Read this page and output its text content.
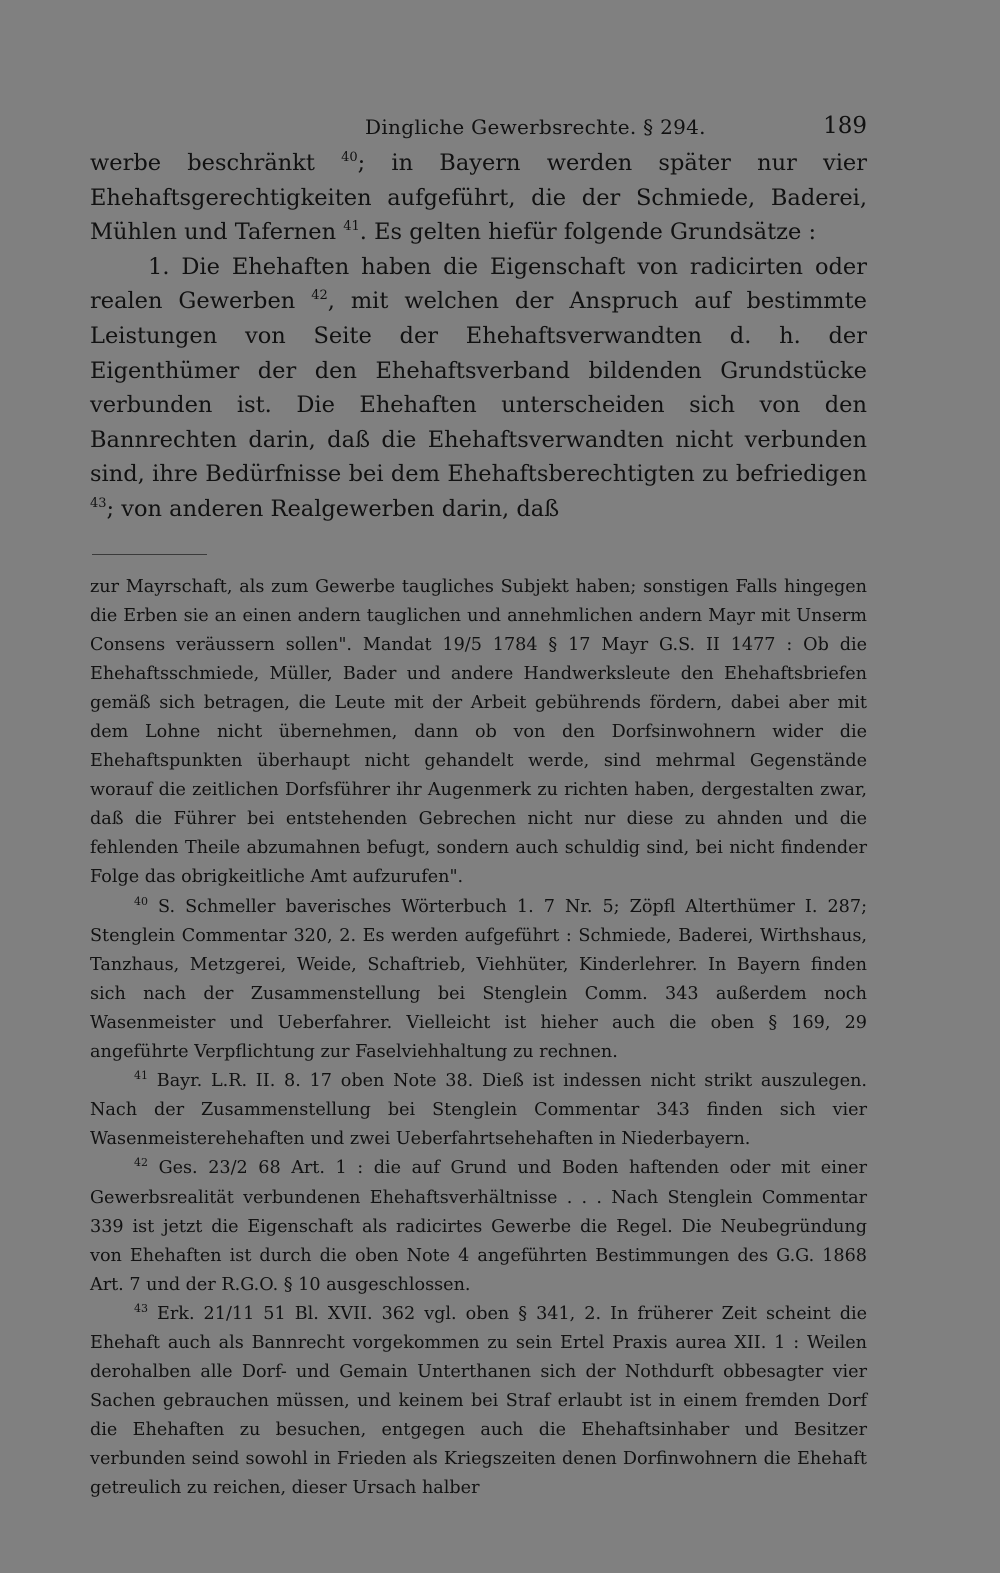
Dingliche Gewerbsrechte. § 294.	189

werbe beschränkt $^{40}$; in Bayern werden später nur vier Ehehaftsgerechtigkeiten aufgeführt, die der Schmiede, Baderei, Mühlen und Tafernen $^{41}$. Es gelten hiefür folgende Grundsätze :

1. Die Ehehaften haben die Eigenschaft von radicirten oder realen Gewerben $^{42}$, mit welchen der Anspruch auf bestimmte Leistungen von Seite der Ehehaftsverwandten d. h. der Eigenthümer der den Ehehaftsverband bildenden Grundstücke verbunden ist. Die Ehehaften unterscheiden sich von den Bannrechten darin, daß die Ehehaftsverwandten nicht verbunden sind, ihre Bedürfnisse bei dem Ehehaftsberechtigten zu befriedigen $^{43}$; von anderen Realgewerben darin, daß

zur Mayrschaft, als zum Gewerbe taugliches Subjekt haben; sonstigen Falls hingegen die Erben sie an einen andern tauglichen und annehmlichen andern Mayr mit Unserm Consens veräussern sollen". Mandat 19/5 1784 § 17 Mayr G.S. II 1477 : Ob die Ehehaftsschmiede, Müller, Bader und andere Handwerksleute den Ehehaftsbriefen gemäß sich betragen, die Leute mit der Arbeit gebührends fördern, dabei aber mit dem Lohne nicht übernehmen, dann ob von den Dorfsinwohnern wider die Ehehaftspunkten überhaupt nicht gehandelt werde, sind mehrmal Gegenstände worauf die zeitlichen Dorfsführer ihr Augenmerk zu richten haben, dergestalten zwar, daß die Führer bei entstehenden Gebrechen nicht nur diese zu ahnden und die fehlenden Theile abzumahnen befugt, sondern auch schuldig sind, bei nicht findender Folge das obrigkeitliche Amt aufzurufen".

$^{40}$ S. Schmeller baverisches Wörterbuch 1. 7 Nr. 5; Zöpfl Alterthümer I. 287; Stenglein Commentar 320, 2. Es werden aufgeführt : Schmiede, Baderei, Wirthshaus, Tanzhaus, Metzgerei, Weide, Schaftrieb, Viehhüter, Kinderlehrer. In Bayern finden sich nach der Zusammenstellung bei Stenglein Comm. 343 außerdem noch Wasenmeister und Ueberfahrer. Vielleicht ist hieher auch die oben § 169, 29 angeführte Verpflichtung zur Faselviehhaltung zu rechnen.

$^{41}$ Bayr. L.R. II. 8. 17 oben Note 38. Dieß ist indessen nicht strikt auszulegen. Nach der Zusammenstellung bei Stenglein Commentar 343 finden sich vier Wasenmeisterehehaften und zwei Ueberfahrtsehehaften in Niederbayern.

$^{42}$ Ges. 23/2 68 Art. 1 : die auf Grund und Boden haftenden oder mit einer Gewerbsrealität verbundenen Ehehaftsverhältnisse . . . Nach Stenglein Commentar 339 ist jetzt die Eigenschaft als radicirtes Gewerbe die Regel. Die Neubegründung von Ehehaften ist durch die oben Note 4 angeführten Bestimmungen des G.G. 1868 Art. 7 und der R.G.O. § 10 ausgeschlossen.

$^{43}$ Erk. 21/11 51 Bl. XVII. 362 vgl. oben § 341, 2. In früherer Zeit scheint die Ehehaft auch als Bannrecht vorgekommen zu sein Ertel Praxis aurea XII. 1 : Weilen derohalben alle Dorf- und Gemain Unterthanen sich der Nothdurft obbesagter vier Sachen gebrauchen müssen, und keinem bei Straf erlaubt ist in einem fremden Dorf die Ehehaften zu besuchen, entgegen auch die Ehehaftsinhaber und Besitzer verbunden seind sowohl in Frieden als Kriegszeiten denen Dorfinwohnern die Ehehaft getreulich zu reichen, dieser Ursach halber
